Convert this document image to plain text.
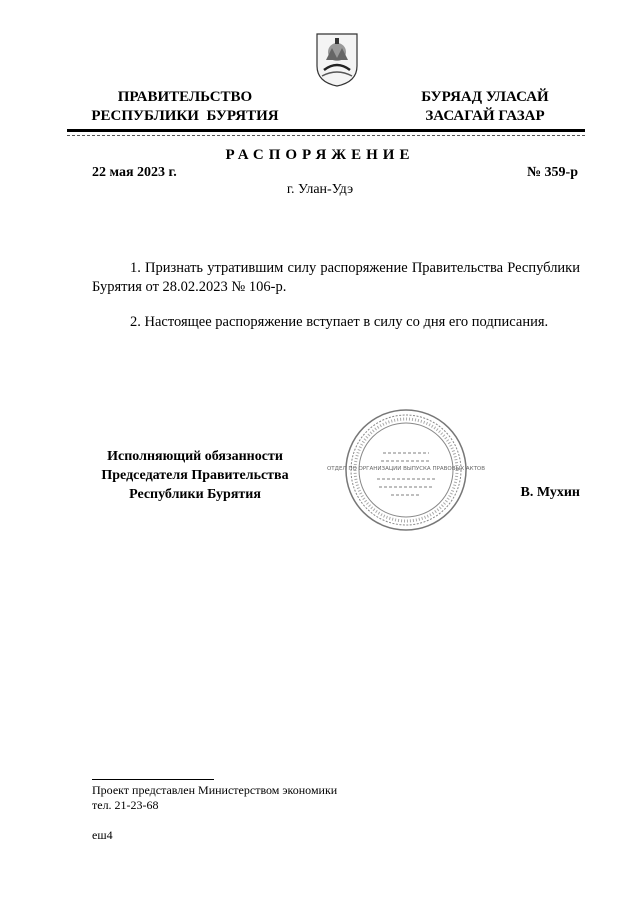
ПРАВИТЕЛЬСТВО
РЕСПУБЛИКИ  БУРЯТИЯ
БУРЯАД УЛАСАЙ
ЗАСАГАЙ ГАЗАР
РАСПОРЯЖЕНИЕ
22 мая 2023 г.	№ 359-р
г. Улан-Удэ
1. Признать утратившим силу распоряжение Правительства Республики Бурятия от 28.02.2023 № 106-р.
2. Настоящее распоряжение вступает в силу со дня его подписания.
Исполняющий обязанности
Председателя Правительства
Республики Бурятия
ОТДЕЛ ПО ОРГАНИЗАЦИИ ВЫПУСКА ПРАВОВЫХ АКТОВ
В. Мухин
Проект представлен Министерством экономики
тел. 21-23-68
еш4
